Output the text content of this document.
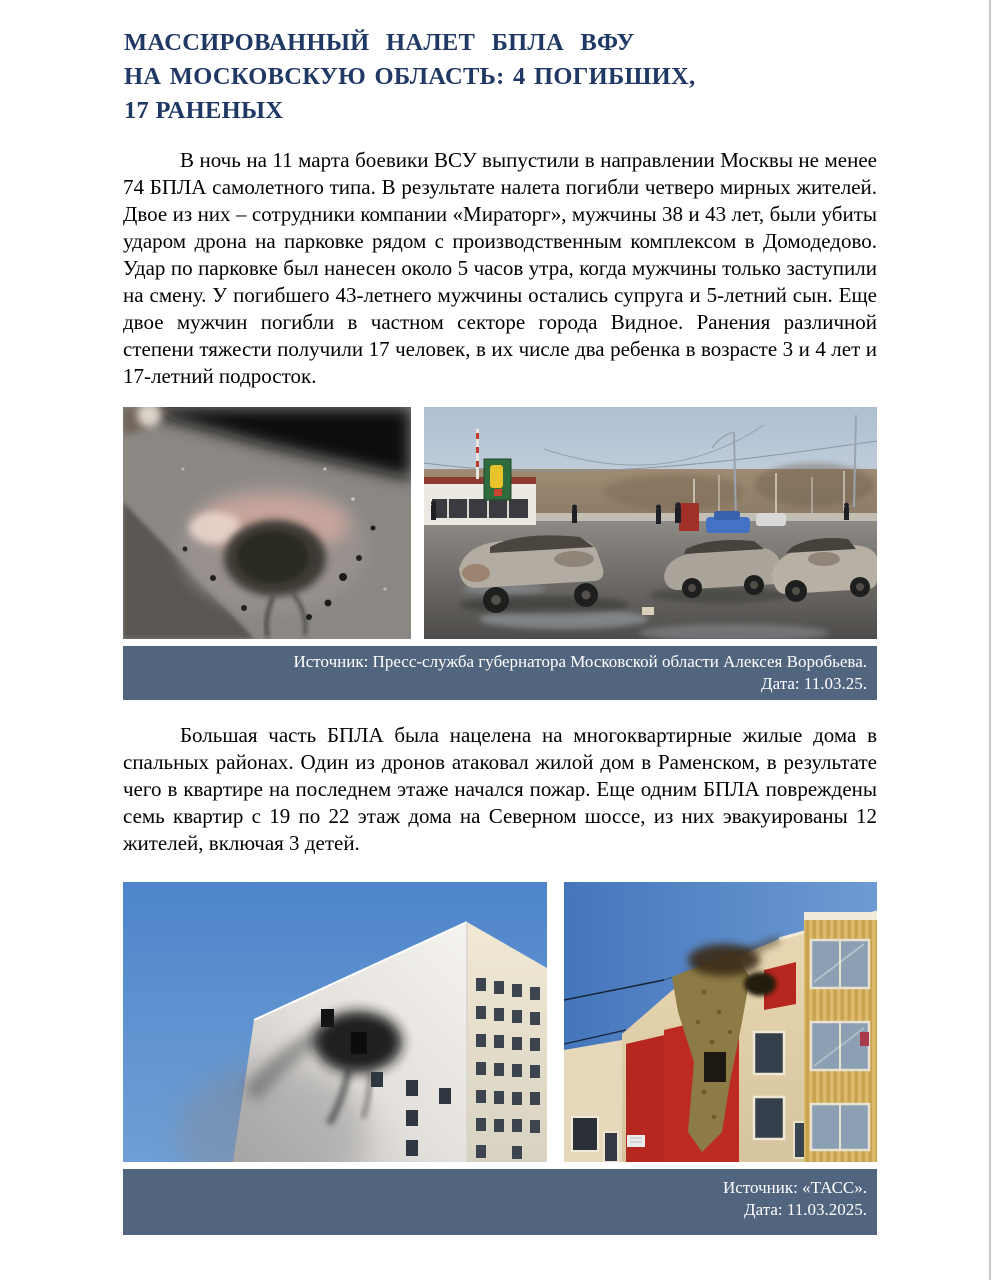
МАССИРОВАННЫЙ НАЛЕТ БПЛА ВФУ
НА МОСКОВСКУЮ ОБЛАСТЬ: 4 ПОГИБШИХ,
17 РАНЕНЫХ

В ночь на 11 марта боевики ВСУ выпустили в направлении Москвы не менее 74 БПЛА самолетного типа. В результате налета погибли четверо мирных жителей. Двое из них – сотрудники компании «Мираторг», мужчины 38 и 43 лет, были убиты ударом дрона на парковке рядом с производственным комплексом в Домодедово. Удар по парковке был нанесен около 5 часов утра, когда мужчины только заступили на смену. У погибшего 43-летнего мужчины остались супруга и 5-летний сын. Еще двое мужчин погибли в частном секторе города Видное. Ранения различной степени тяжести получили 17 человек, в их числе два ребенка в возрасте 3 и 4 лет и 17-летний подросток.

Источник: Пресс-служба губернатора Московской области Алексея Воробьева.
Дата: 11.03.25.

Большая часть БПЛА была нацелена на многоквартирные жилые дома в спальных районах. Один из дронов атаковал жилой дом в Раменском, в результате чего в квартире на последнем этаже начался пожар. Еще одним БПЛА повреждены семь квартир с 19 по 22 этаж дома на Северном шоссе, из них эвакуированы 12 жителей, включая 3 детей.

Источник: «ТАСС».
Дата: 11.03.2025.
